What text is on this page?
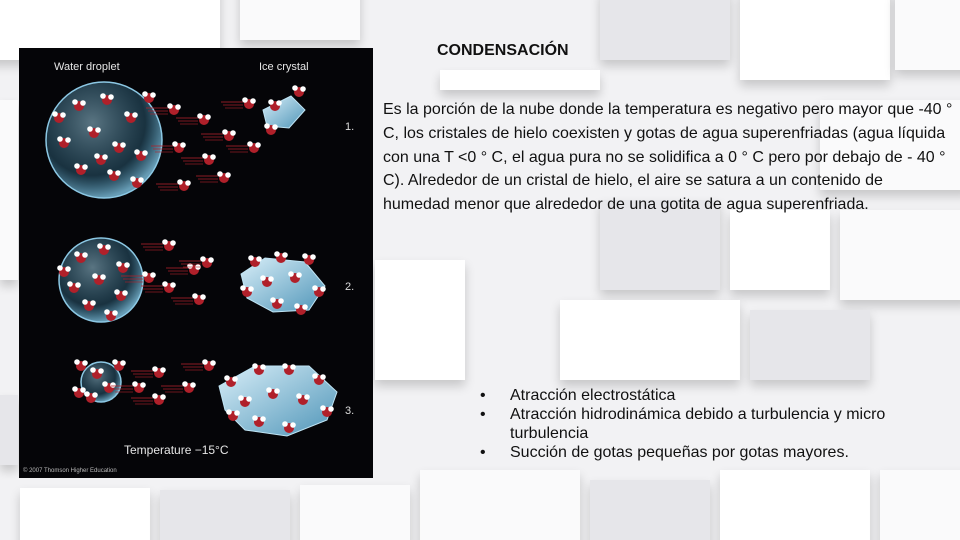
Water droplet	Ice crystal
1.
2.
3.
Temperature −15°C
© 2007 Thomson Higher Education
CONDENSACIÓN
Es la porción de la nube donde la temperatura es negativo pero mayor que -40 ° C, los cristales de hielo coexisten y gotas de agua superenfriadas (agua líquida con una T <0 ° C, el agua pura no se solidifica a 0 ° C pero por debajo de - 40 ° C). Alrededor de un cristal de hielo, el aire se satura a un contenido de humedad menor que alrededor de una gotita de agua superenfriada.
• Atracción electrostática
• Atracción hidrodinámica debido a turbulencia y micro turbulencia
• Succión de gotas pequeñas por gotas mayores.
